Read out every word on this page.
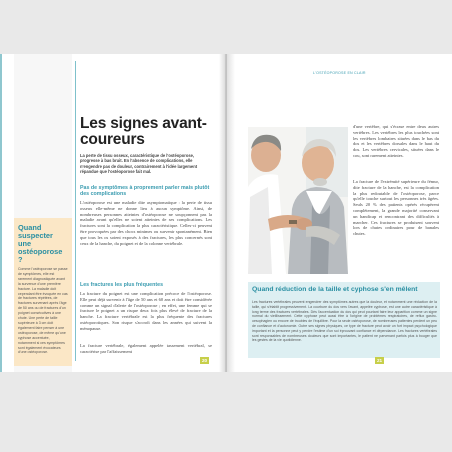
Quand suspecter une ostéoporose ?

Comme l'ostéoporose se passe de symptômes, elle est rarement diagnostiquée avant la survenue d'une première fracture. La maladie doit cependant être évoquée en cas de fractures répétées, de fractures survenant après l'âge de 50 ans ou de fractures d'un poignet consécutives à une chute. Une perte de taille supérieure à 3 cm doit également faire penser à une ostéoporose, de même qu'une cyphose accentuée, notamment si ces symptômes sont également évocateurs d'une ostéoporose.

Les signes avant-coureurs

La perte de tissu osseux, caractéristique de l'ostéoporose, progresse à bas bruit. En l'absence de complications, elle n'engendre pas de douleur, contrairement à l'idée largement répandue que l'ostéoporose fait mal.

Pas de symptômes à proprement parler mais plutôt des complications

L'ostéoporose est une maladie dite asymptomatique : la perte de tissu osseux elle-même ne donne lieu à aucun symptôme. Ainsi, de nombreuses personnes atteintes d'ostéoporose ne soupçonnent pas la maladie avant qu'elles ne soient atteintes de ses complications. Les fractures sont la complication la plus caractéristique. Celles-ci peuvent être provoquées par des chocs minimes ou survenir spontanément. Bien que tous les os soient exposés à des fractures, les plus concernés sont ceux de la hanche, du poignet et de la colonne vertébrale.

Les fractures les plus fréquentes

La fracture du poignet est une complication précoce de l'ostéoporose. Elle peut déjà survenir à l'âge de 50 ans et 60 ans et doit être considérée comme un signal d'alerte de l'ostéoporose ; en effet, une femme qui se fracture le poignet a un risque deux fois plus élevé de fracture de la hanche. La fracture vertébrale est la plus fréquente des fractures ostéoporotiques. Son risque s'accroît dans les années qui suivent la ménopause.

La fracture vertébrale, également appelée tassement vertébral, se caractérise par l'affaissement

20

L'OSTÉOPOROSE EN CLAIR

d'une vertèbre, qui s'écrase entre deux autres vertèbres. Les vertèbres les plus touchées sont les vertèbres lombaires situées dans le bas du dos et les vertèbres dorsales dans le haut du dos. Les vertèbres cervicales, situées dans le cou, sont rarement atteintes.

La fracture de l'extrémité supérieure du fémur, dite fracture de la hanche, est la complication la plus redoutable de l'ostéoporose, parce qu'elle touche surtout les personnes très âgées. Seuls 20 % des patients opérés récupèrent complètement, la grande majorité conservant un handicap et rencontrant des difficultés à marcher. Ces fractures se produisent souvent lors de chutes ordinaires pour de banales chutes.

Quand réduction de la taille et cyphose s'en mêlent

Les fractures vertébrales peuvent engendrer des symptômes autres que la douleur, et notamment une réduction de la taille, qui s'établit progressivement. La courbure du dos vers l'avant, appelée cyphose, est une autre caractéristique à long terme des fractures vertébrales. Dès l'accentuation du dos qui peut pourtant faire leur apparition comme un signe normal du vieillissement. Cette cyphose peut aussi être à l'origine de problèmes respiratoires, de reflux gastro-oesophagien ou encore de troubles de l'équilibre. Pour la seule ostéoporose, de nombreuses patientes perdent un peu de confiance et d'autonomie. Outre ses signes physiques, ce type de fracture peut avoir un fort impact psychologique important et la personne peut y perdre l'estime d'un soi éprouvant confiance et dépendance. Les fractures vertébrales sont responsables de nombreuses douleurs que sont importantes, le patient ne parvenant parfois plus à bouger que les gestes de la vie quotidienne.

21
